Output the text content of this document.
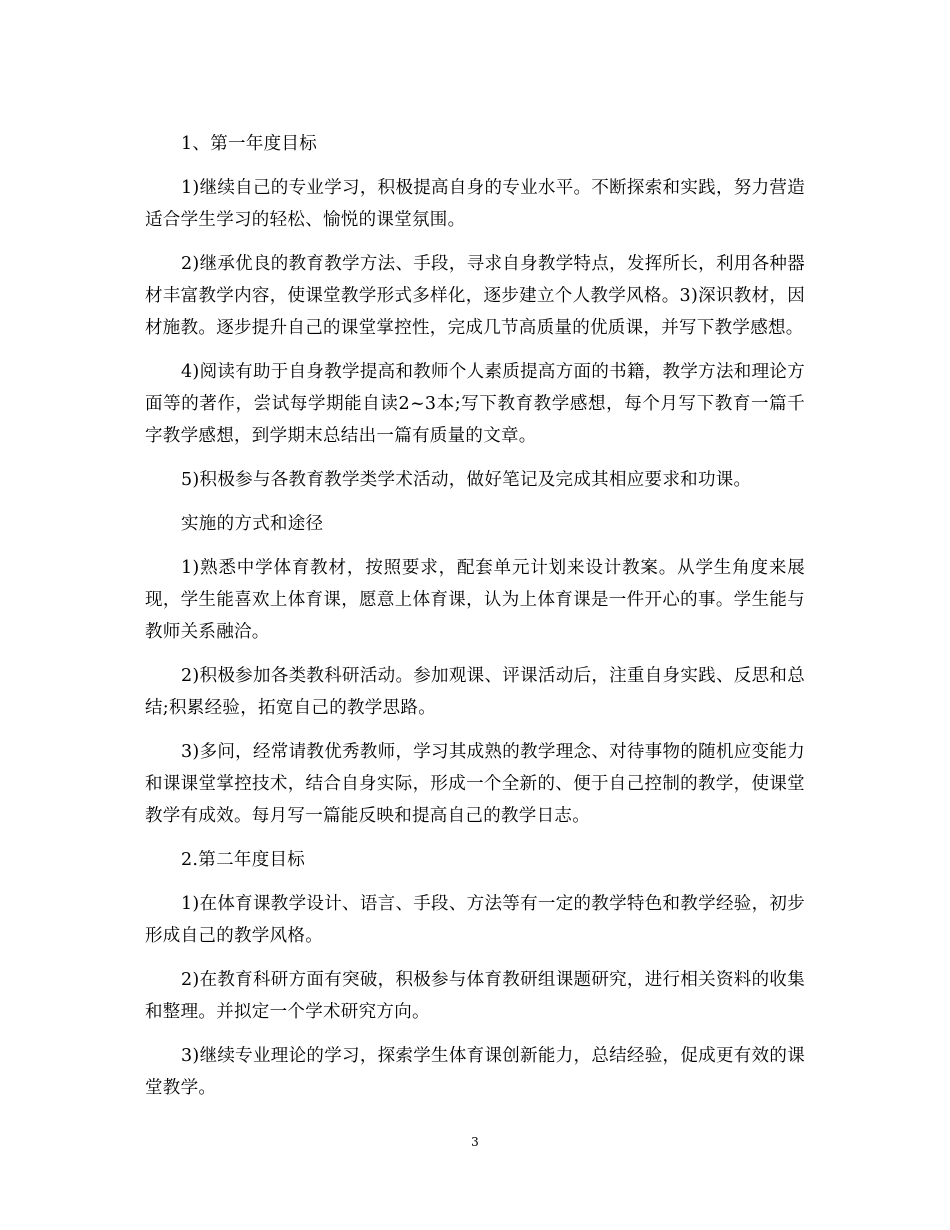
1、第一年度目标

1)继续自己的专业学习，积极提高自身的专业水平。不断探索和实践，努力营造适合学生学习的轻松、愉悦的课堂氛围。

2)继承优良的教育教学方法、手段，寻求自身教学特点，发挥所长，利用各种器材丰富教学内容，使课堂教学形式多样化，逐步建立个人教学风格。3)深识教材，因材施教。逐步提升自己的课堂掌控性，完成几节高质量的优质课，并写下教学感想。

4)阅读有助于自身教学提高和教师个人素质提高方面的书籍，教学方法和理论方面等的著作，尝试每学期能自读2~3本;写下教育教学感想，每个月写下教育一篇千字教学感想，到学期末总结出一篇有质量的文章。

5)积极参与各教育教学类学术活动，做好笔记及完成其相应要求和功课。

实施的方式和途径

1)熟悉中学体育教材，按照要求，配套单元计划来设计教案。从学生角度来展现，学生能喜欢上体育课，愿意上体育课，认为上体育课是一件开心的事。学生能与教师关系融洽。

2)积极参加各类教科研活动。参加观课、评课活动后，注重自身实践、反思和总结;积累经验，拓宽自己的教学思路。

3)多问，经常请教优秀教师，学习其成熟的教学理念、对待事物的随机应变能力和课课堂掌控技术，结合自身实际，形成一个全新的、便于自己控制的教学，使课堂教学有成效。每月写一篇能反映和提高自己的教学日志。

2.第二年度目标

1)在体育课教学设计、语言、手段、方法等有一定的教学特色和教学经验，初步形成自己的教学风格。

2)在教育科研方面有突破，积极参与体育教研组课题研究，进行相关资料的收集和整理。并拟定一个学术研究方向。

3)继续专业理论的学习，探索学生体育课创新能力，总结经验，促成更有效的课堂教学。

3
